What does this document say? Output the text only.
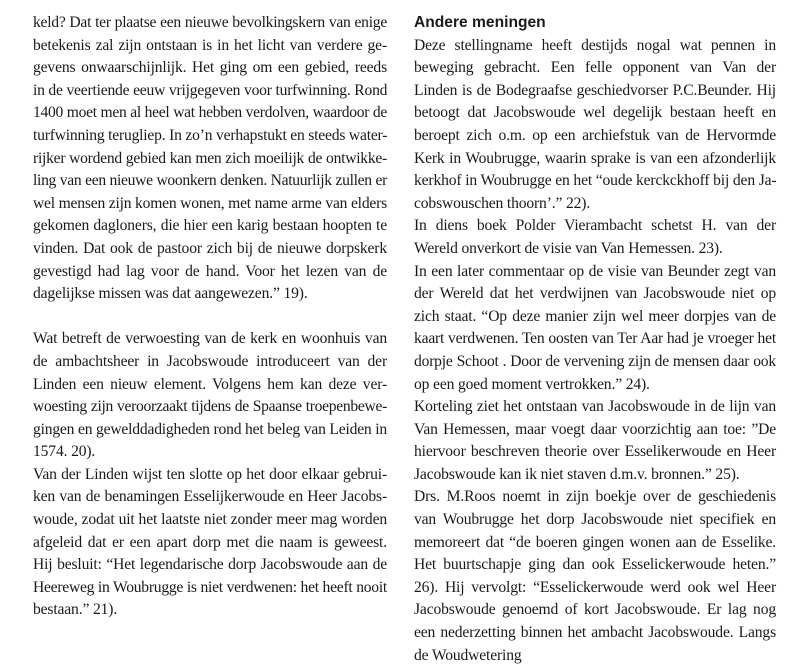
keld? Dat ter plaatse een nieuwe bevolkingskern van enige
betekenis zal zijn ontstaan is in het licht van verdere ge-
gevens onwaarschijnlijk. Het ging om een gebied, reeds
in de veertiende eeuw vrijgegeven voor turfwinning. Rond
1400 moet men al heel wat hebben verdolven, waardoor de
turfwinning terugliep. In zo’n verhapstukt en steeds water-
rijker wordend gebied kan men zich moeilijk de ontwikke-
ling van een nieuwe woonkern denken. Natuurlijk zullen er
wel mensen zijn komen wonen, met name arme van elders
gekomen dagloners, die hier een karig bestaan hoopten te
vinden. Dat ook de pastoor zich bij de nieuwe dorpskerk
gevestigd had lag voor de hand. Voor het lezen van de
dagelijkse missen was dat aangewezen.” 19).
Wat betreft de verwoesting van de kerk en woonhuis van
de ambachtsheer in Jacobswoude introduceert van der
Linden een nieuw element. Volgens hem kan deze ver-
woesting zijn veroorzaakt tijdens de Spaanse troepenbewe-
gingen en gewelddadigheden rond het beleg van Leiden in
1574. 20).
Van der Linden wijst ten slotte op het door elkaar gebrui-
ken van de benamingen Esselijkerwoude en Heer Jacobs-
woude, zodat uit het laatste niet zonder meer mag worden
afgeleid dat er een apart dorp met die naam is geweest.
Hij besluit: “Het legendarische dorp Jacobswoude aan de
Heereweg in Woubrugge is niet verdwenen: het heeft nooit
bestaan.” 21).
Andere meningen
Deze stellingname heeft destijds nogal wat pennen in
beweging gebracht. Een felle opponent van Van der
Linden is de Bodegraafse geschiedvorser P.C.Beunder. Hij
betoogt dat Jacobswoude wel degelijk bestaan heeft en
beroept zich o.m. op een archiefstuk van de Hervormde
Kerk in Woubrugge, waarin sprake is van een afzonderlijk
kerkhof in Woubrugge en het “oude kerckckhoff bij den Ja-
cobswouschen thoorn’.” 22).
In diens boek Polder Vierambacht schetst H. van der
Wereld onverkort de visie van Van Hemessen. 23).
In een later commentaar op de visie van Beunder zegt van
der Wereld dat het verdwijnen van Jacobswoude niet op
zich staat. “Op deze manier zijn wel meer dorpjes van de
kaart verdwenen. Ten oosten van Ter Aar had je vroeger het
dorpje Schoot . Door de vervening zijn de mensen daar ook
op een goed moment vertrokken.” 24).
Korteling ziet het ontstaan van Jacobswoude in de lijn van
Van Hemessen, maar voegt daar voorzichtig aan toe: ”De
hiervoor beschreven theorie over Esselikerwoude en Heer
Jacobswoude kan ik niet staven d.m.v. bronnen.” 25).
Drs. M.Roos noemt in zijn boekje over de geschiedenis
van Woubrugge het dorp Jacobswoude niet specifiek en
memoreert dat “de boeren gingen wonen aan de Esselike.
Het buurtschapje ging dan ook Esselickerwoude heten.”
26). Hij vervolgt: “Esselickerwoude werd ook wel Heer
Jacobswoude genoemd of kort Jacobswoude. Er lag nog
een nederzetting binnen het ambacht Jacobswoude. Langs
de Woudwetering
